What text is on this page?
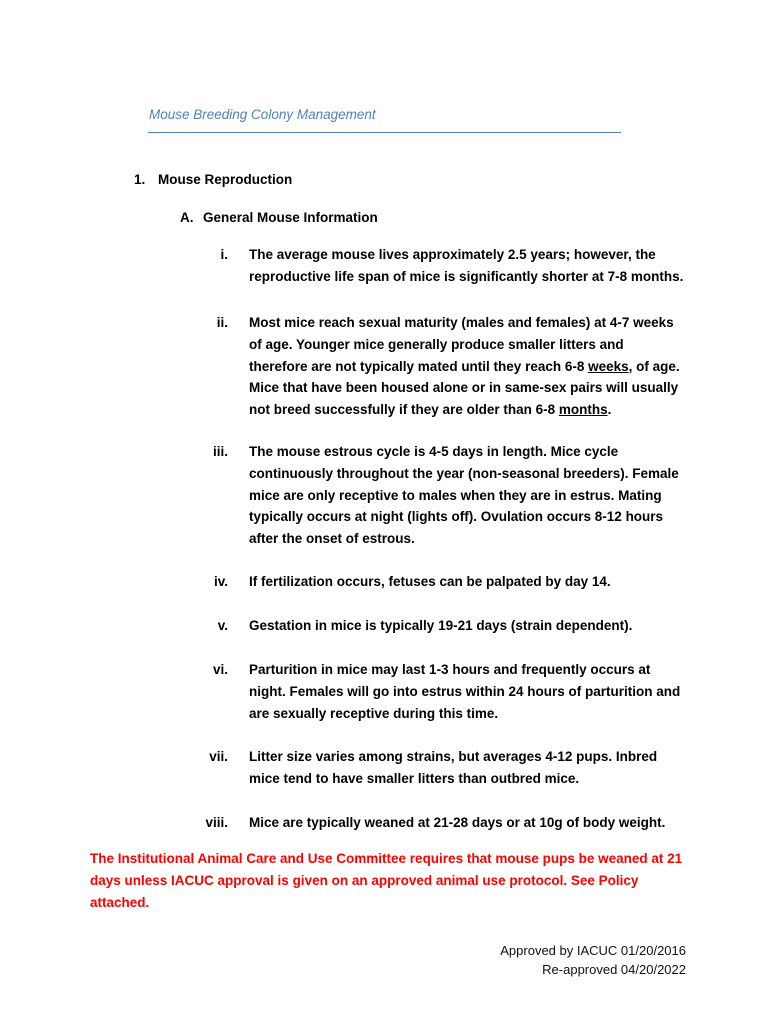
Mouse Breeding Colony Management
1. Mouse Reproduction
A. General Mouse Information
i. The average mouse lives approximately 2.5 years; however, the reproductive life span of mice is significantly shorter at 7-8 months.
ii. Most mice reach sexual maturity (males and females) at 4-7 weeks of age. Younger mice generally produce smaller litters and therefore are not typically mated until they reach 6-8 weeks, of age. Mice that have been housed alone or in same-sex pairs will usually not breed successfully if they are older than 6-8 months.
iii. The mouse estrous cycle is 4-5 days in length. Mice cycle continuously throughout the year (non-seasonal breeders). Female mice are only receptive to males when they are in estrus. Mating typically occurs at night (lights off). Ovulation occurs 8-12 hours after the onset of estrous.
iv. If fertilization occurs, fetuses can be palpated by day 14.
v. Gestation in mice is typically 19-21 days (strain dependent).
vi. Parturition in mice may last 1-3 hours and frequently occurs at night. Females will go into estrus within 24 hours of parturition and are sexually receptive during this time.
vii. Litter size varies among strains, but averages 4-12 pups. Inbred mice tend to have smaller litters than outbred mice.
viii. Mice are typically weaned at 21-28 days or at 10g of body weight.
The Institutional Animal Care and Use Committee requires that mouse pups be weaned at 21 days unless IACUC approval is given on an approved animal use protocol. See Policy attached.
Approved by IACUC 01/20/2016
Re-approved 04/20/2022
